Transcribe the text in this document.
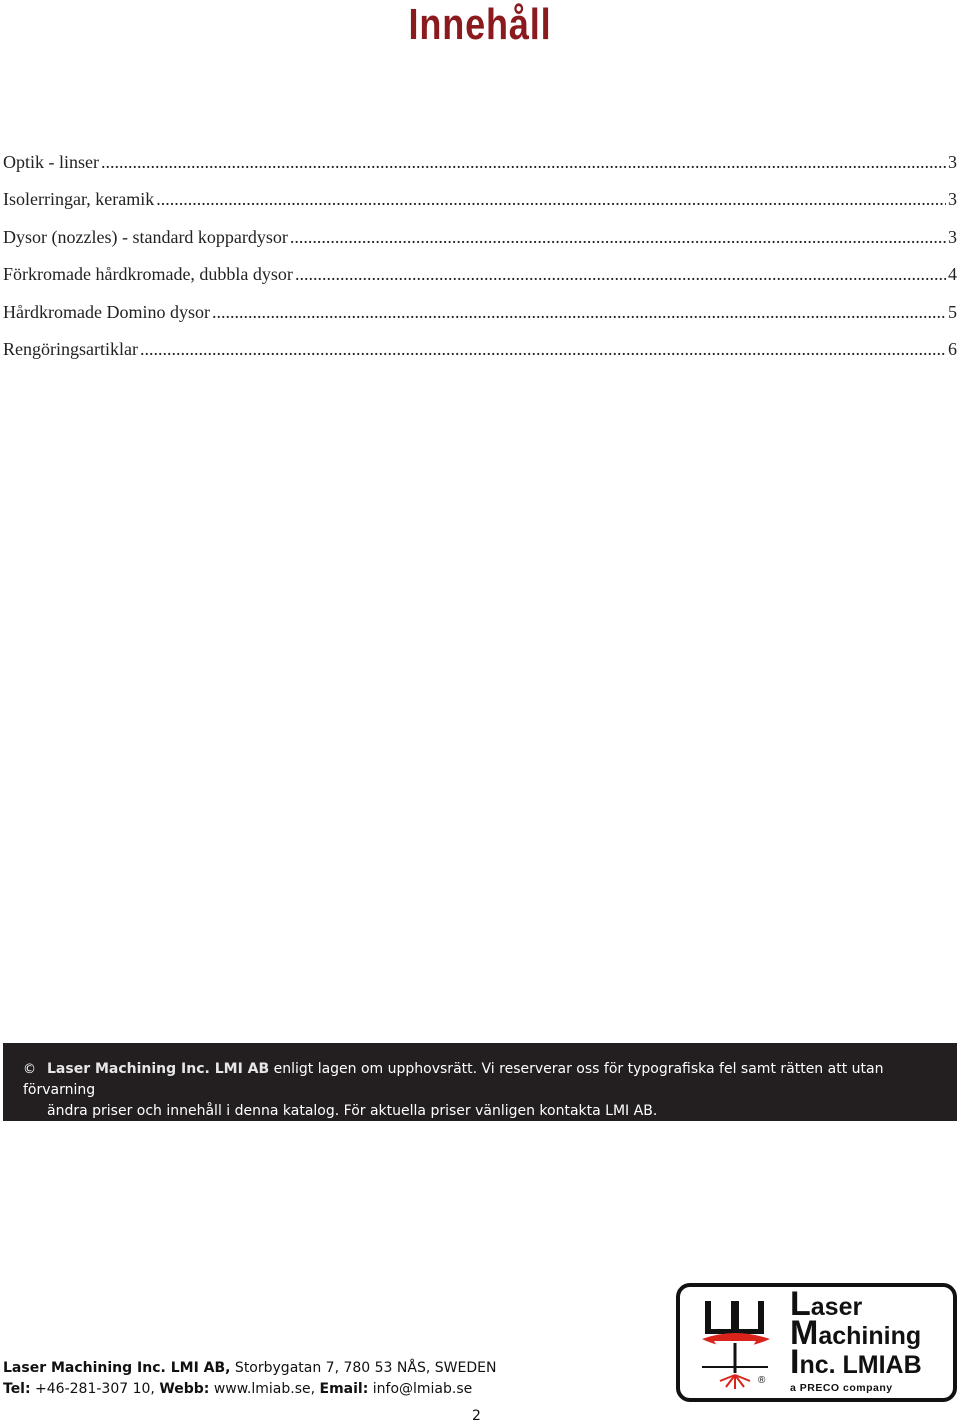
Innehåll
Optik - linser .....	3
Isolerringar, keramik .....	3
Dysor (nozzles) - standard koppardysor .....	3
Förkromade hårdkromade, dubbla dysor .....	4
Hårdkromade Domino dysor .....	5
Rengöringsartiklar .....	6
© Laser Machining Inc. LMI AB enligt lagen om upphovsrätt. Vi reserverar oss för typografiska fel samt rätten att utan förvarning
ändra priser och innehåll i denna katalog. För aktuella priser vänligen kontakta LMI AB.
Laser Machining Inc. LMI AB, Storbygatan 7, 780 53 NÅS, SWEDEN
Tel: +46-281-307 10, Webb: www.lmiab.se, Email: info@lmiab.se
2
®
Laser
Machining
Inc. LMIAB
a PRECO company
